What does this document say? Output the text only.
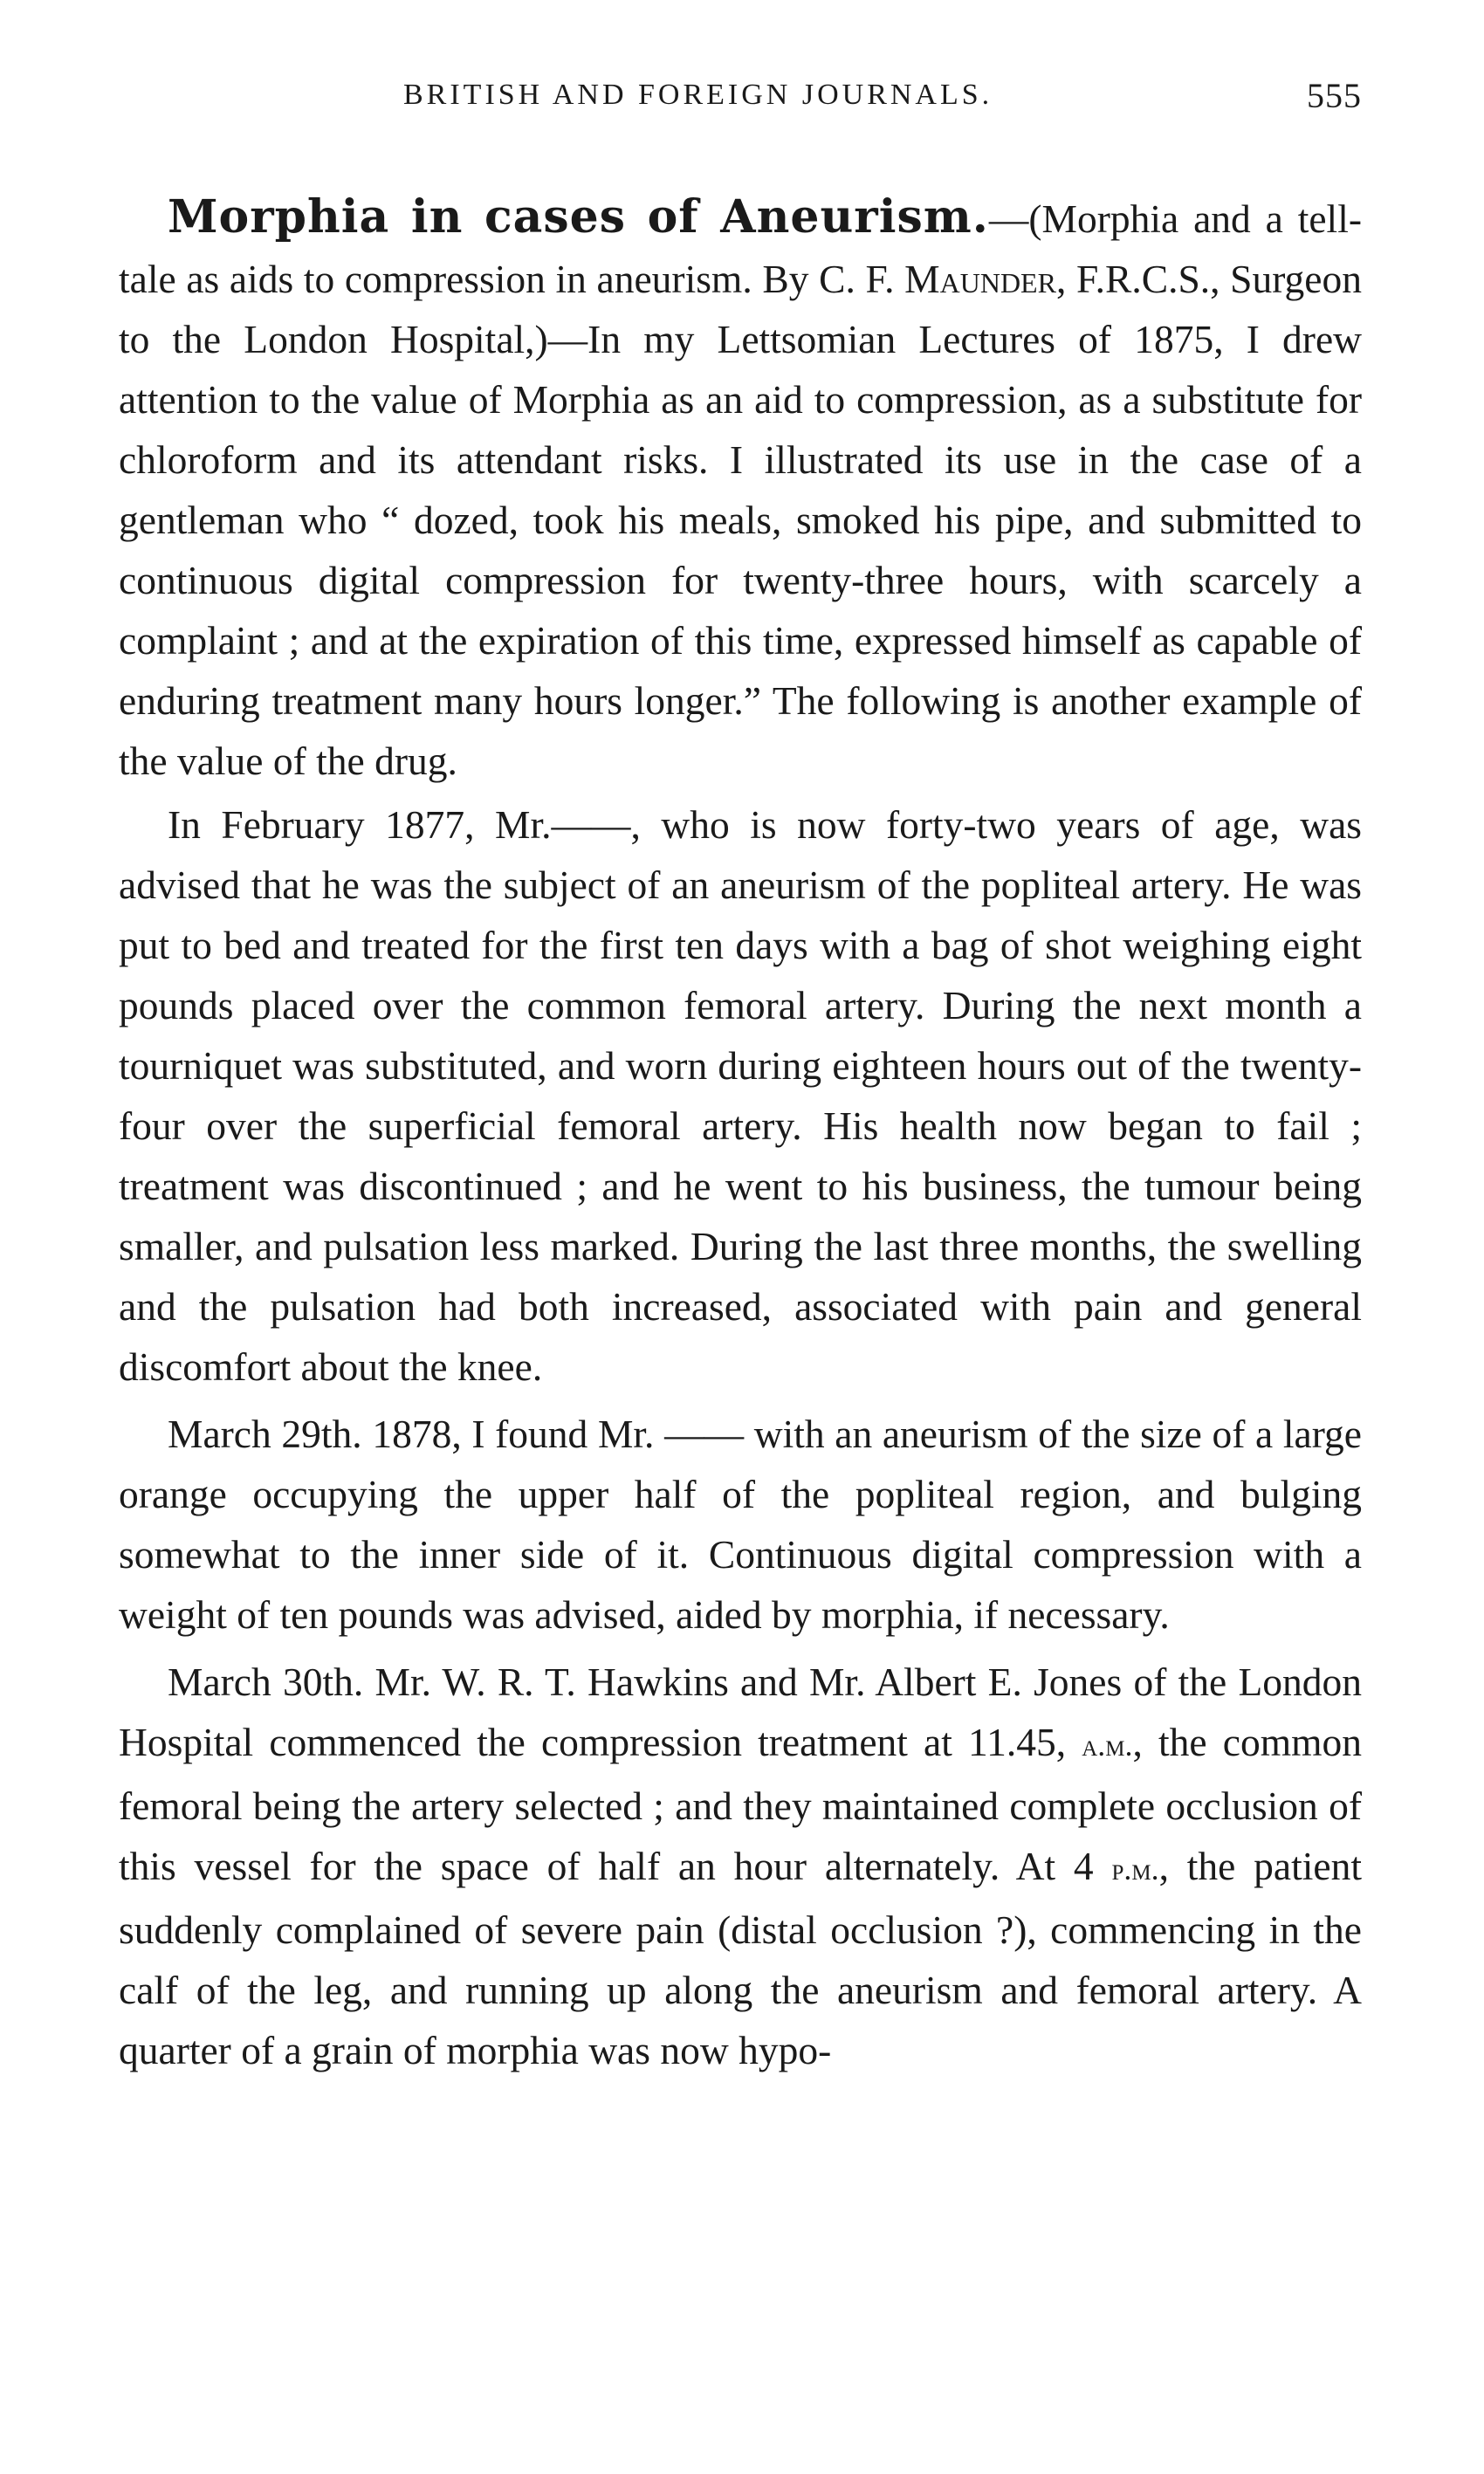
BRITISH AND FOREIGN JOURNALS.	555

Morphia in cases of Aneurism.—(Morphia and a tell-tale as aids to compression in aneurism. By C. F. Maunder, F.R.C.S., Surgeon to the London Hospital,)—In my Lettsomian Lectures of 1875, I drew attention to the value of Morphia as an aid to compression, as a substitute for chloroform and its attendant risks. I illustrated its use in the case of a gentleman who “ dozed, took his meals, smoked his pipe, and submitted to continuous digital compression for twenty-three hours, with scarcely a complaint ; and at the expiration of this time, expressed himself as capable of enduring treatment many hours longer.” The following is another example of the value of the drug.

In February 1877, Mr.——, who is now forty-two years of age, was advised that he was the subject of an aneurism of the popliteal artery. He was put to bed and treated for the first ten days with a bag of shot weighing eight pounds placed over the common femoral artery. During the next month a tourniquet was substituted, and worn during eighteen hours out of the twenty-four over the superficial femoral artery. His health now began to fail ; treatment was discontinued ; and he went to his business, the tumour being smaller, and pulsation less marked. During the last three months, the swelling and the pulsation had both increased, associated with pain and general discomfort about the knee.

March 29th. 1878, I found Mr. —— with an aneurism of the size of a large orange occupying the upper half of the popliteal region, and bulging somewhat to the inner side of it. Continuous digital compression with a weight of ten pounds was advised, aided by morphia, if necessary.

March 30th. Mr. W. R. T. Hawkins and Mr. Albert E. Jones of the London Hospital commenced the compression treatment at 11.45, a.m., the common femoral being the artery selected ; and they maintained complete occlusion of this vessel for the space of half an hour alternately. At 4 p.m., the patient suddenly complained of severe pain (distal occlusion ?), commencing in the calf of the leg, and running up along the aneurism and femoral artery. A quarter of a grain of morphia was now hypo-
